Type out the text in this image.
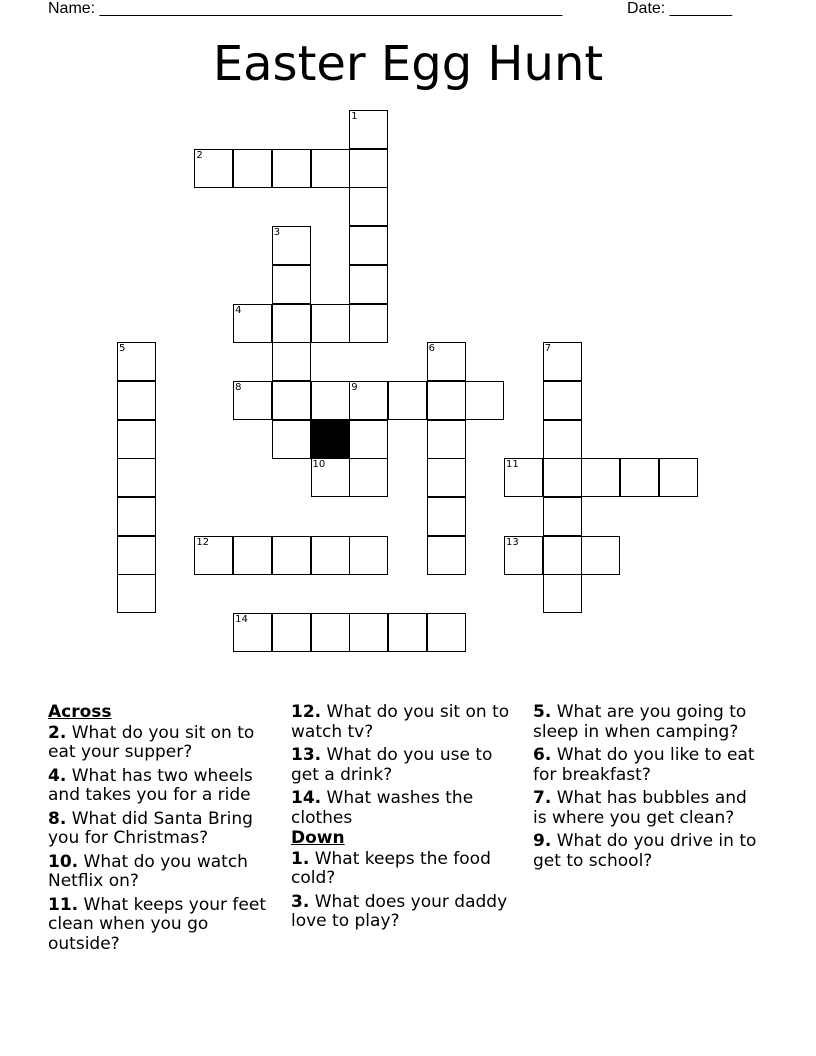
Name: ____________________________________________________	Date: _______
Easter Egg Hunt
1
2
3
4
5	6	7
8	9
10	11
12	13
14
Across
2. What do you sit on to eat your supper?
4. What has two wheels and takes you for a ride
8. What did Santa Bring you for Christmas?
10. What do you watch Netflix on?
11. What keeps your feet clean when you go outside?
12. What do you sit on to watch tv?
13. What do you use to get a drink?
14. What washes the clothes
Down
1. What keeps the food cold?
3. What does your daddy love to play?
5. What are you going to sleep in when camping?
6. What do you like to eat for breakfast?
7. What has bubbles and is where you get clean?
9. What do you drive in to get to school?
